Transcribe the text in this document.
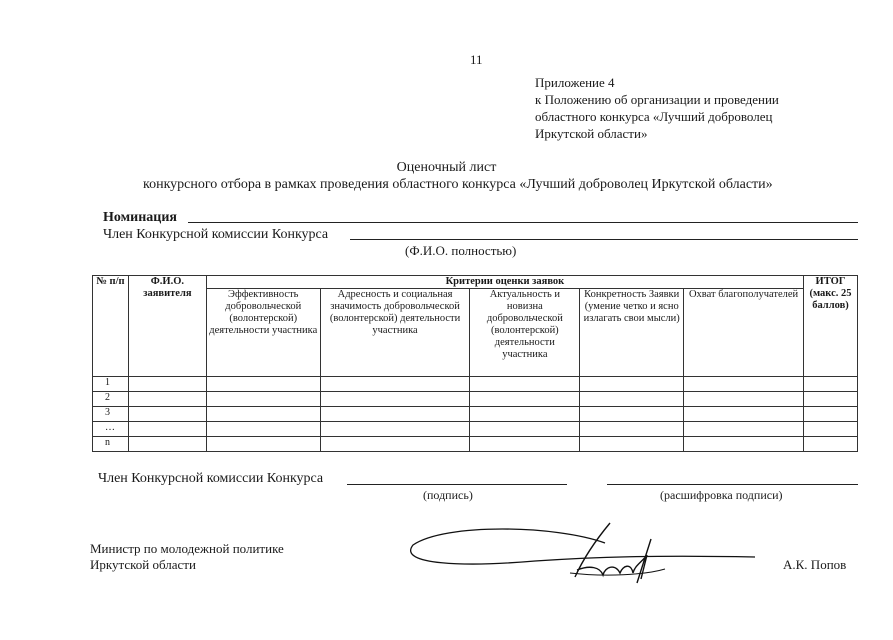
11
Приложение 4
к Положению об организации и проведении
областного конкурса «Лучший доброволец
Иркутской области»
Оценочный лист
конкурсного отбора в рамках проведения областного конкурса «Лучший доброволец Иркутской области»
Номинация
Член Конкурсной комиссии Конкурса
(Ф.И.О. полностью)
№ п/п	Ф.И.О. заявителя	Критерии оценки заявок					ИТОГ (макс. 25 баллов)
		Эффективность добровольческой (волонтерской) деятельности участника	Адресность и социальная значимость добровольческой (волонтерской) деятельности участника	Актуальность и новизна добровольческой (волонтерской) деятельности участника	Конкретность Заявки (умение четко и ясно излагать свои мысли)	Охват благополучателей	
1							
2							
3							
…							
n							
Член Конкурсной комиссии Конкурса
(подпись)	(расшифровка подписи)
Министр по молодежной политике
Иркутской области	А.К. Попов
